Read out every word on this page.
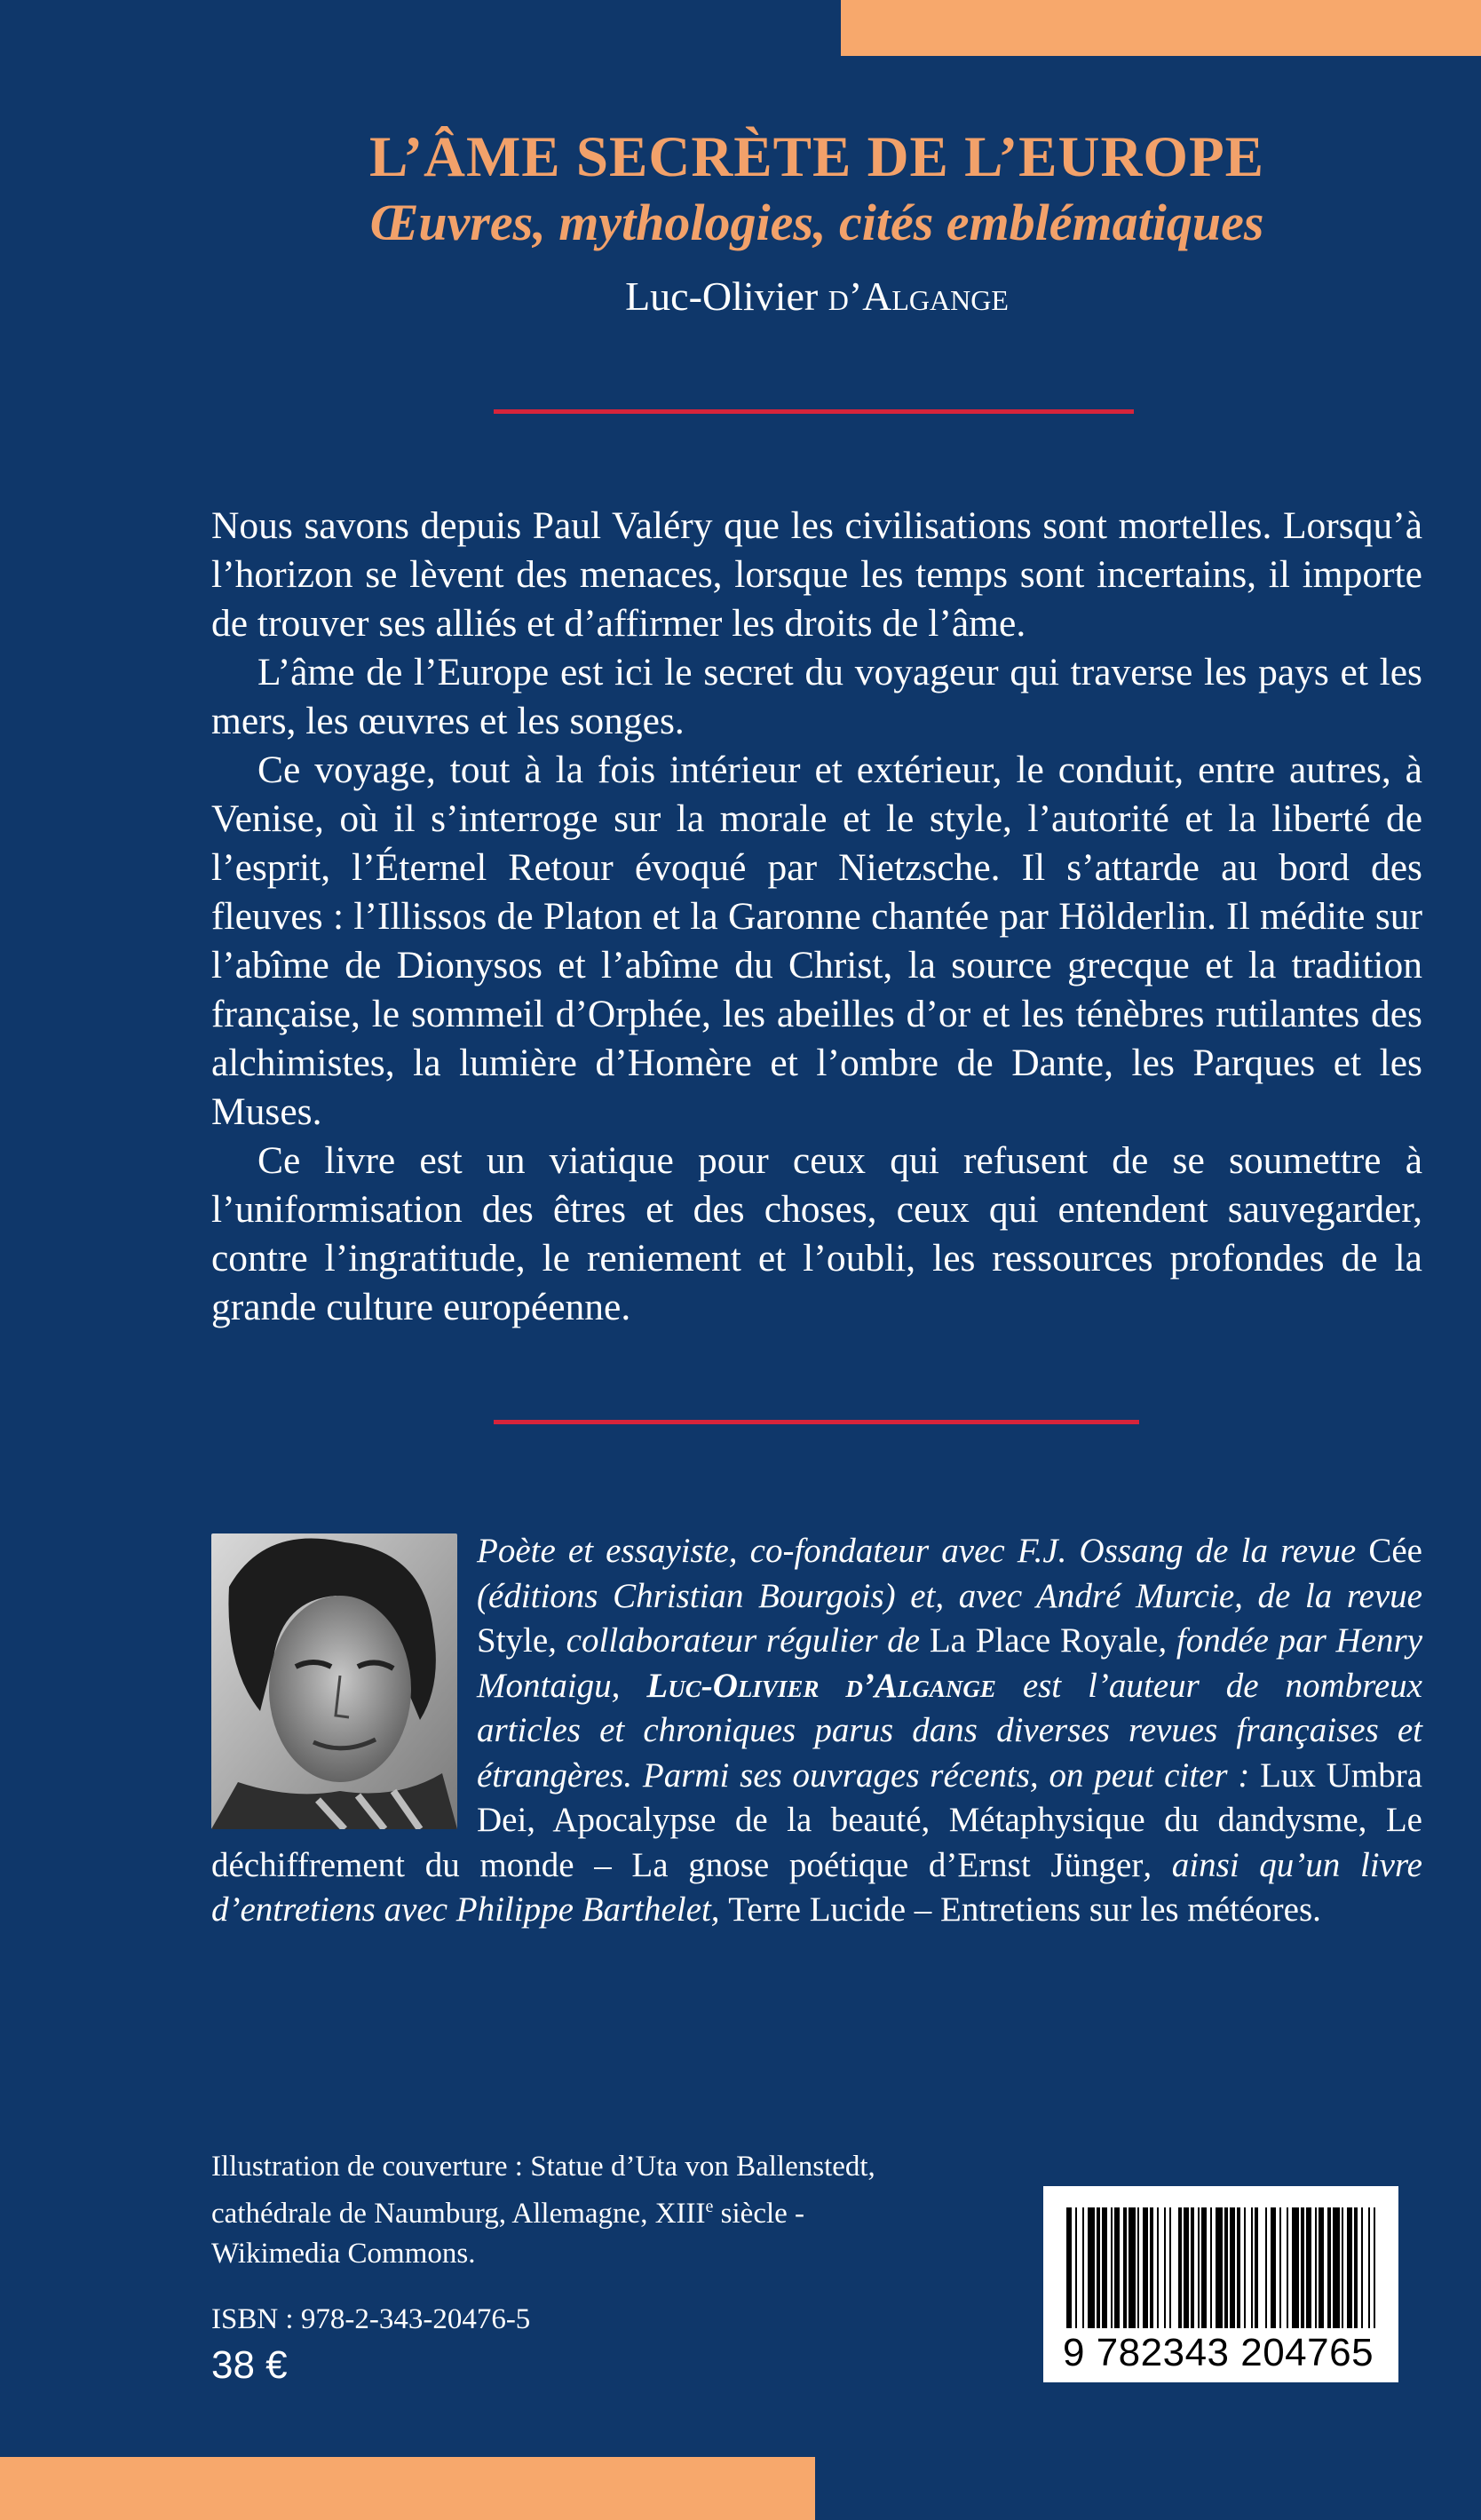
L’ÂME SECRÈTE DE L’EUROPE
Œuvres, mythologies, cités emblématiques
Luc-Olivier d’Algange

Nous savons depuis Paul Valéry que les civilisations sont mortelles. Lorsqu’à l’horizon se lèvent des menaces, lorsque les temps sont incertains, il importe de trouver ses alliés et d’affirmer les droits de l’âme.

L’âme de l’Europe est ici le secret du voyageur qui traverse les pays et les mers, les œuvres et les songes.

Ce voyage, tout à la fois intérieur et extérieur, le conduit, entre autres, à Venise, où il s’interroge sur la morale et le style, l’autorité et la liberté de l’esprit, l’Éternel Retour évoqué par Nietzsche. Il s’attarde au bord des fleuves : l’Illissos de Platon et la Garonne chantée par Hölderlin. Il médite sur l’abîme de Dionysos et l’abîme du Christ, la source grecque et la tradition française, le sommeil d’Orphée, les abeilles d’or et les ténèbres rutilantes des alchimistes, la lumière d’Homère et l’ombre de Dante, les Parques et les Muses.

Ce livre est un viatique pour ceux qui refusent de se soumettre à l’uniformisation des êtres et des choses, ceux qui entendent sauvegarder, contre l’ingratitude, le reniement et l’oubli, les ressources profondes de la grande culture européenne.

Poète et essayiste, co-fondateur avec F.J. Ossang de la revue Cée (éditions Christian Bourgois) et, avec André Murcie, de la revue Style, collaborateur régulier de La Place Royale, fondée par Henry Montaigu, Luc-Olivier d’Algange est l’auteur de nombreux articles et chroniques parus dans diverses revues françaises et étrangères. Parmi ses ouvrages récents, on peut citer : Lux Umbra Dei, Apocalypse de la beauté, Métaphysique du dandysme, Le déchiffrement du monde – La gnose poétique d’Ernst Jünger, ainsi qu’un livre d’entretiens avec Philippe Barthelet, Terre Lucide – Entretiens sur les météores.
Illustration de couverture : Statue d’Uta von Ballenstedt,
cathédrale de Naumburg, Allemagne, XIIIe siècle -
Wikimedia Commons.
ISBN : 978-2-343-20476-5
38 €	9 782343 204765
